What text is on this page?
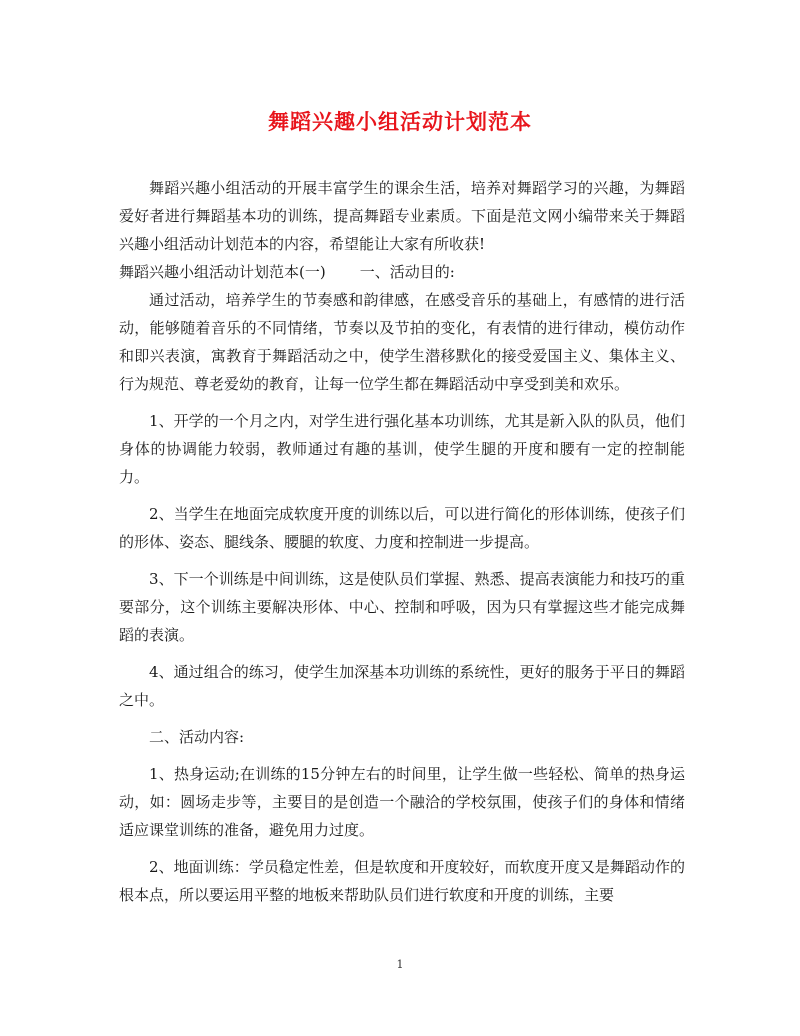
舞蹈兴趣小组活动计划范本

舞蹈兴趣小组活动的开展丰富学生的课余生活，培养对舞蹈学习的兴趣，为舞蹈爱好者进行舞蹈基本功的训练，提高舞蹈专业素质。下面是范文网小编带来关于舞蹈兴趣小组活动计划范本的内容，希望能让大家有所收获!

舞蹈兴趣小组活动计划范本(一) 一、活动目的:

通过活动，培养学生的节奏感和韵律感，在感受音乐的基础上，有感情的进行活动，能够随着音乐的不同情绪，节奏以及节拍的变化，有表情的进行律动，模仿动作和即兴表演，寓教育于舞蹈活动之中，使学生潜移默化的接受爱国主义、集体主义、行为规范、尊老爱幼的教育，让每一位学生都在舞蹈活动中享受到美和欢乐。

1、开学的一个月之内，对学生进行强化基本功训练，尤其是新入队的队员，他们身体的协调能力较弱，教师通过有趣的基训，使学生腿的开度和腰有一定的控制能力。

2、当学生在地面完成软度开度的训练以后，可以进行简化的形体训练，使孩子们的形体、姿态、腿线条、腰腿的软度、力度和控制进一步提高。

3、下一个训练是中间训练，这是使队员们掌握、熟悉、提高表演能力和技巧的重要部分，这个训练主要解决形体、中心、控制和呼吸，因为只有掌握这些才能完成舞蹈的表演。

4、通过组合的练习，使学生加深基本功训练的系统性，更好的服务于平日的舞蹈之中。

二、活动内容:

1、热身运动;在训练的15分钟左右的时间里，让学生做一些轻松、简单的热身运动，如：圆场走步等，主要目的是创造一个融洽的学校氛围，使孩子们的身体和情绪适应课堂训练的准备，避免用力过度。

2、地面训练：学员稳定性差，但是软度和开度较好，而软度开度又是舞蹈动作的根本点，所以要运用平整的地板来帮助队员们进行软度和开度的训练，主要

1
